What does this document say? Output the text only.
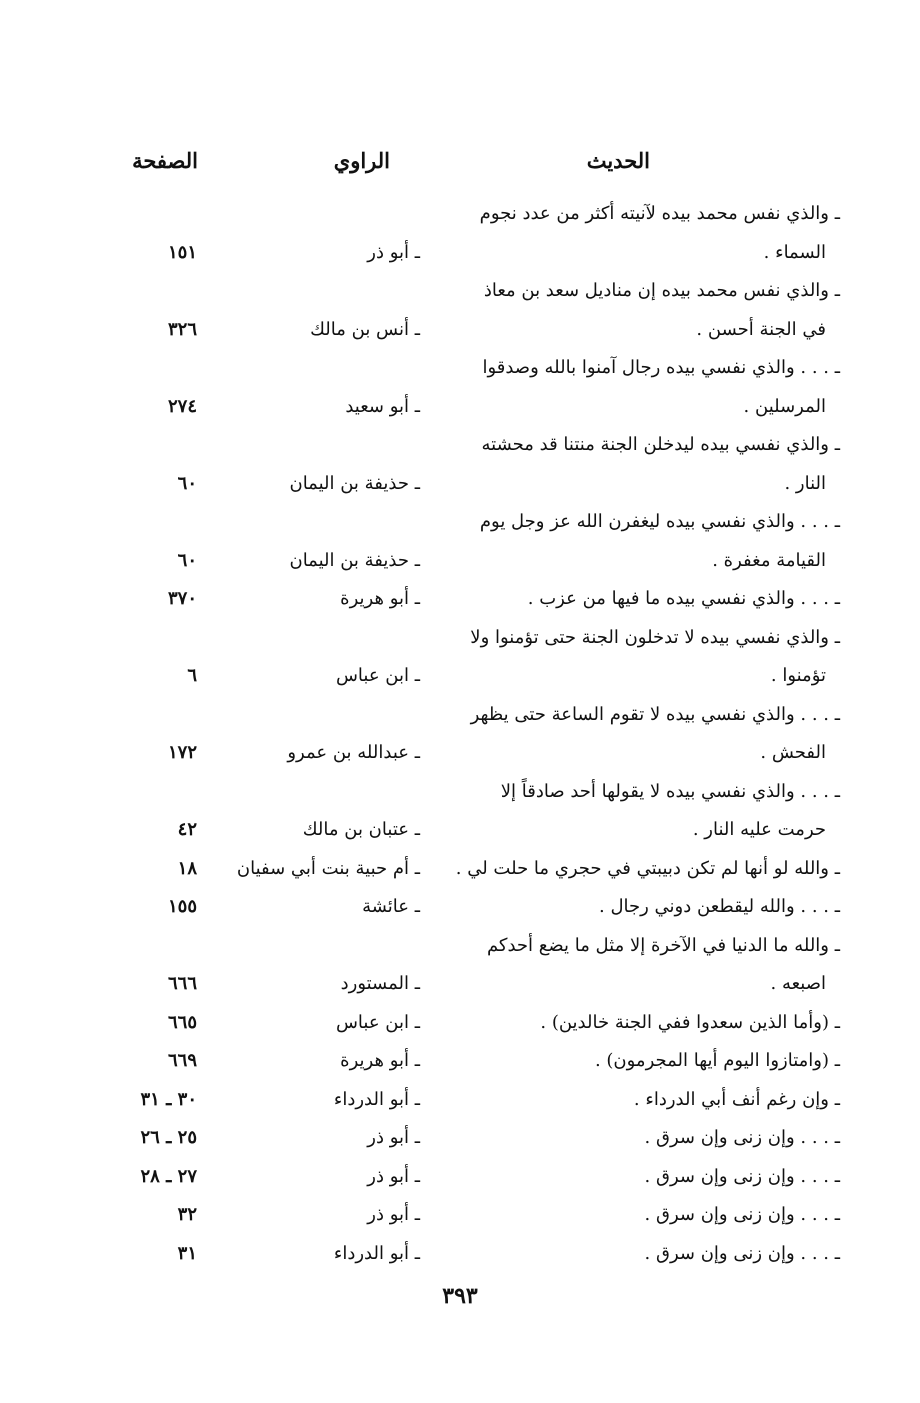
الحديث
الراوي
الصفحة
ـ والذي نفس محمد بيده لآنيته أكثر من عدد نجوم
السماء .
ـ أبو ذر
١٥١
ـ والذي نفس محمد بيده إن مناديل سعد بن معاذ
في الجنة أحسن .
ـ أنس بن مالك
٣٢٦
ـ . . . والذي نفسي بيده رجال آمنوا بالله وصدقوا
المرسلين .
ـ أبو سعيد
٢٧٤
ـ والذي نفسي بيده ليدخلن الجنة منتنا قد محشته
النار .
ـ حذيفة بن اليمان
٦٠
ـ . . . والذي نفسي بيده ليغفرن الله عز وجل يوم
القيامة مغفرة .
ـ حذيفة بن اليمان
٦٠
ـ . . . والذي نفسي بيده ما فيها من عزب .
ـ أبو هريرة
٣٧٠
ـ والذي نفسي بيده لا تدخلون الجنة حتى تؤمنوا ولا
تؤمنوا .
ـ ابن عباس
٦
ـ . . . والذي نفسي بيده لا تقوم الساعة حتى يظهر
الفحش .
ـ عبدالله بن عمرو
١٧٢
ـ . . . والذي نفسي بيده لا يقولها أحد صادقاً إلا
حرمت عليه النار .
ـ عتبان بن مالك
٤٢
ـ والله لو أنها لم تكن دبيبتي في حجري ما حلت لي .
ـ أم حبية بنت أبي سفيان
١٨
ـ . . . والله ليقطعن دوني رجال .
ـ عائشة
١٥٥
ـ والله ما الدنيا في الآخرة إلا مثل ما يضع أحدكم
اصبعه .
ـ المستورد
٦٦٦
ـ (وأما الذين سعدوا ففي الجنة خالدين) .
ـ ابن عباس
٦٦٥
ـ (وامتازوا اليوم أيها المجرمون) .
ـ أبو هريرة
٦٦٩
ـ وإن رغم أنف أبي الدرداء .
ـ أبو الدرداء
٣٠ ـ ٣١
ـ . . . وإن زنى وإن سرق .
ـ أبو ذر
٢٥ ـ ٢٦
ـ . . . وإن زنى وإن سرق .
ـ أبو ذر
٢٧ ـ ٢٨
ـ . . . وإن زنى وإن سرق .
ـ أبو ذر
٣٢
ـ . . . وإن زنى وإن سرق .
ـ أبو الدرداء
٣١
٣٩٣
